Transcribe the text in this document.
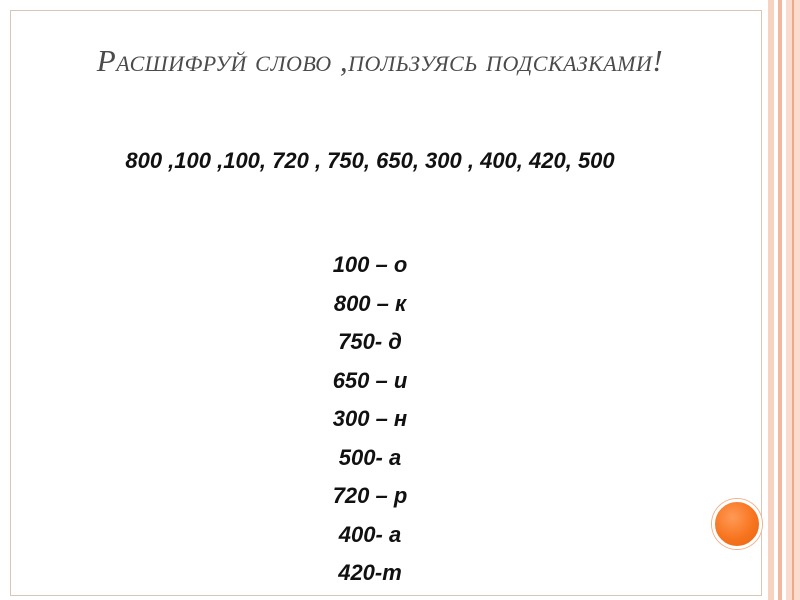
Расшифруй слово ,пользуясь подсказками!
800 ,100 ,100, 720 , 750, 650, 300 , 400, 420, 500
100 – о
800 – к
750- д
650 – и
300 – н
500- а
720 – р
400- а
420-т
